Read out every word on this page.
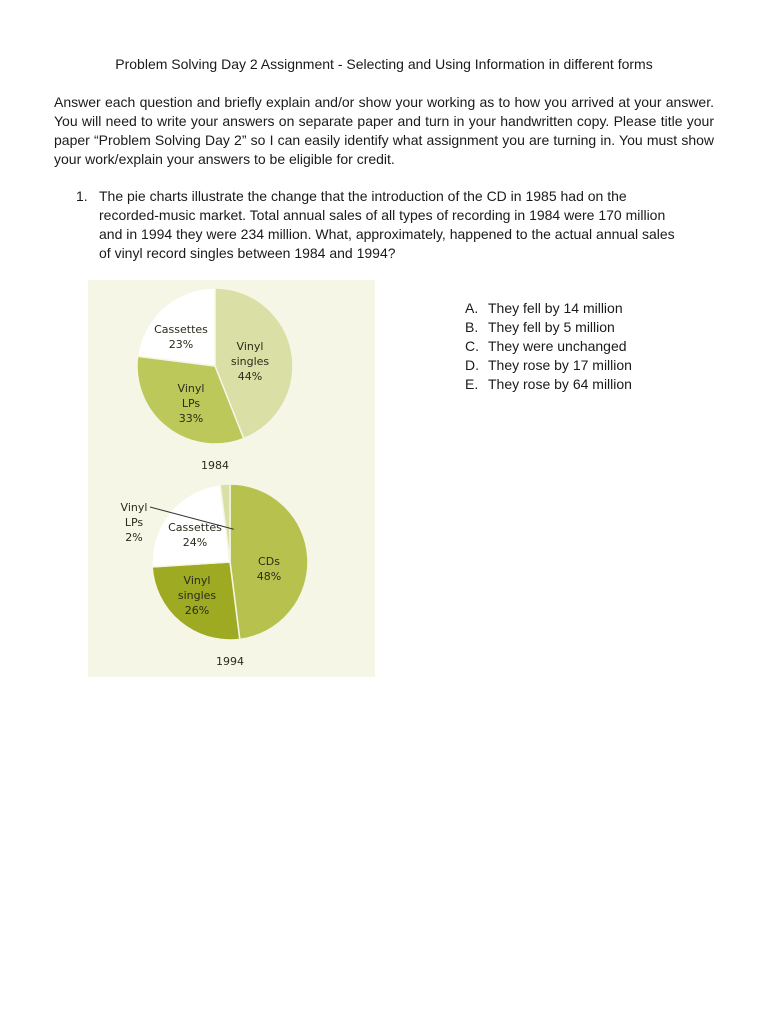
Problem Solving Day 2 Assignment - Selecting and Using Information in different forms

Answer each question and briefly explain and/or show your working as to how you arrived at your answer. You will need to write your answers on separate paper and turn in your handwritten copy. Please title your paper “Problem Solving Day 2” so I can easily identify what assignment you are turning in. You must show your work/explain your answers to be eligible for credit.

1. The pie charts illustrate the change that the introduction of the CD in 1985 had on the recorded-music market. Total annual sales of all types of recording in 1984 were 170 million and in 1994 they were 234 million. What, approximately, happened to the actual annual sales of vinyl record singles between 1984 and 1994?

Vinyl
singles
44%
Vinyl
LPs
33%
Cassettes
23%
1984
CDs
48%
Vinyl
singles
26%
Cassettes
24%
Vinyl
LPs
2%
1994
A. They fell by 14 million
B. They fell by 5 million
C. They were unchanged
D. They rose by 17 million
E. They rose by 64 million
